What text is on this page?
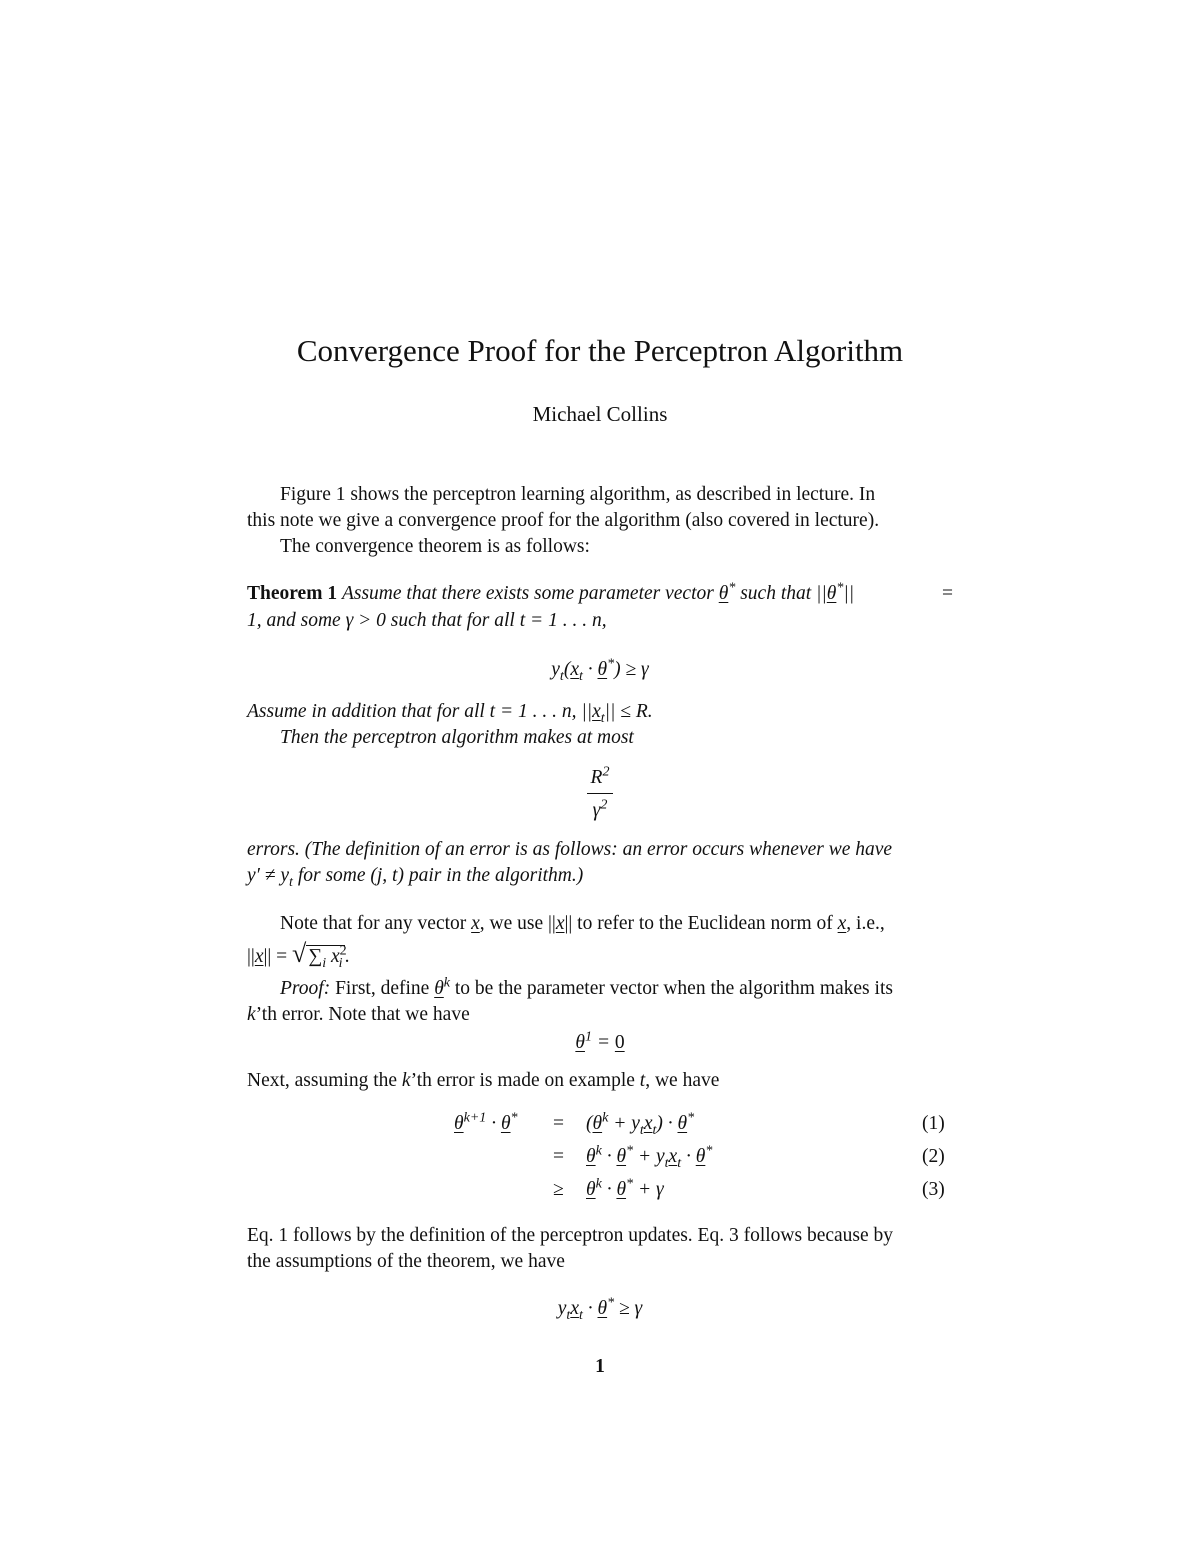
Convergence Proof for the Perceptron Algorithm
Michael Collins
Figure 1 shows the perceptron learning algorithm, as described in lecture. In
this note we give a convergence proof for the algorithm (also covered in lecture).
The convergence theorem is as follows:
Theorem 1 Assume that there exists some parameter vector θ* such that ||θ*||	=
1, and some γ > 0 such that for all t = 1 . . . n,
$y_t(x_t \cdot \theta^*) \ge \gamma$
Assume in addition that for all t = 1 . . . n, $||x_t|| \le R$.
Then the perceptron algorithm makes at most
$\frac{R^2}{\gamma^2}$
errors. (The definition of an error is as follows: an error occurs whenever we have
$y' \ne y_t$ for some (j, t) pair in the algorithm.)
Note that for any vector x, we use ||x|| to refer to the Euclidean norm of x, i.e.,
||x|| = √ $\sum_i$ $x^2_i$ .
Proof: First, define $\theta^k$ to be the parameter vector when the algorithm makes its
k’th error. Note that we have
$\theta^1 = 0$
Next, assuming the k’th error is made on example t, we have
$\theta^{k+1} \cdot \theta^* = (\theta^k + y_tx_t) \cdot \theta^*$	(1)
= $\theta^k \cdot \theta^* + y_tx_t \cdot \theta^*$	(2)
≥ $\theta^k \cdot \theta^* + \gamma$	(3)
Eq. 1 follows by the definition of the perceptron updates. Eq. 3 follows because by
the assumptions of the theorem, we have
$y_tx_t \cdot \theta^* \ge \gamma$
1
